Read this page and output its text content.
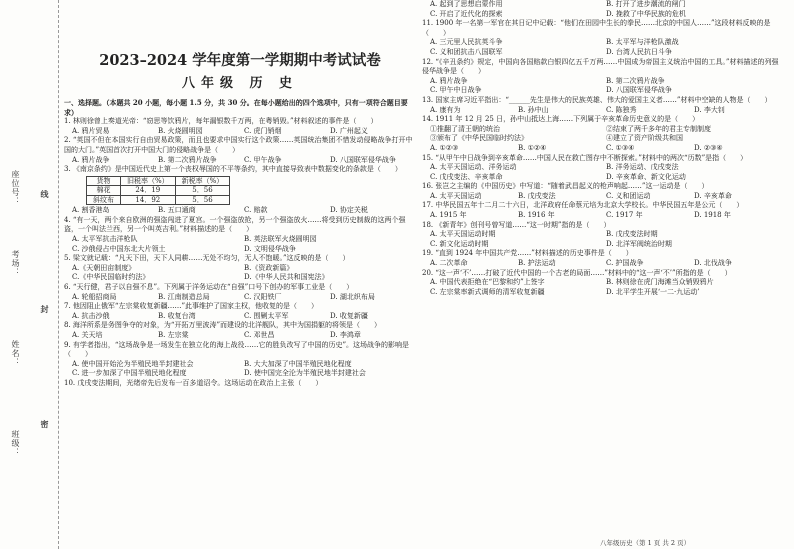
座位号：
考场：
姓名：
班级：
线
封
密
2023–2024 学年度第一学期期中考试试卷
八年级 历 史
一、选择题。（本题共 20 小题，每小题 1.5 分，共 30 分。在每小题给出的四个选项中，只有一项符合题目要求）
1. 林则徐曾上奏道光帝：“窃思等饮鸦片，每年漏银数千万两，在粤销毁。”材料叙述的事件是（　　）
A. 鸦片贸易	B. 火烧圆明园	C. 虎门销烟	D. 广州起义
2. “英国不但在本国实行自由贸易政策，而且也要求中国实行这个政策……英国统治集团不惜发动侵略战争打开中国的大门。”英国首次打开中国大门的侵略战争是（　　）
A. 鸦片战争	B. 第二次鸦片战争	C. 甲午战争	D. 八国联军侵华战争
3. 《南京条约》是中国近代史上第一个丧权辱国的不平等条约，其中直接导致表中数据变化的条款是（　　）
货物	旧税率（%）	新税率（%）
棉花	24．19	5．56
斜纹布	14．92	5．56
A. 割香港岛	B. 五口通商	C. 赔款	D. 协定关税
4. “有一天，两个来自欧洲的强盗闯进了夏宫。一个强盗放抢，另一个强盗放火……将受到历史制裁的这两个强盗，一个叫法兰西，另一个叫英吉利。”材料描述的是（　　）
A. 太平军抗击洋枪队	B. 英法联军火烧圆明园
C. 沙俄侵占中国东北大片领土	D. 文明侵华战争
5. 梁文就记载：“凡天下田，天下人同耕……无处不均匀，无人不饱暖。”这反映的是（　　）
A.《天朝田亩制度》	B.《资政新篇》
C.《中华民国临时约法》	D.《中华人民共和国宪法》
6. “天行健，君子以自强不息”。下列属于洋务运动在“自强”口号下创办的军事工业是（　　）
A. 轮船招商局	B. 江南制造总局	C. 汉阳铁厂	D. 湖北织布局
7. 他因阻止俄军“左宗棠收复新疆……”此事维护了国家主权，他收复的是（　　）
A. 抗击沙俄	B. 收复台湾	C. 围剿太平军	D. 收复新疆
8. 海洋所系是务图争夺的对象，为“开拓万里波涛”而建设的北洋舰队，其中为国捐躯的将领是（　　）
A. 关天培	B. 左宗棠	C. 邓世昌	D. 李鸿章
9. 有学者指出，“这场战争是一场发生在独立化的海上战役……它的胜负改写了中国的历史”。这场战争的影响是（　　）
A. 使中国开始沦为半殖民地半封建社会	B. 大大加深了中国半殖民地化程度
C. 进一步加深了中国半殖民地化程度	D. 使中国完全沦为半殖民地半封建社会
10. 戊戌变法期间，光绪帝先后发布一百多道诏令。这场运动在政治上主张（　　）
A. 起到了思想启蒙作用	B. 打开了进步潮流的闸门
C. 开启了近代化的探索	D. 挽救了中华民族的危机
11. 1900 年一名第一军官在其日记中记载：“他们在田园中生长的拳民……北京的中国人……”这段材料反映的是（　　）
A. 三元里人民抗英斗争	B. 太平军与洋枪队激战
C. 义和团抗击八国联军	D. 台湾人民抗日斗争
12. “《辛丑条约》规定，中国向各国赔款白银四亿五千万两……中国成为帝国主义统治中国的工具。”材料描述的列强侵华战争是（　　）
A. 鸦片战争	B. 第二次鸦片战争
C. 甲午中日战争	D. 八国联军侵华战争
13. 国家主席习近平指出：“______先生是伟大的民族英雄、伟大的爱国主义者……”材料中空缺的人物是（　　）
A. 康有为	B. 孙中山	C. 陈独秀	D. 李大钊
14. 1911 年 12 月 25 日，孙中山抵达上海……下列属于辛亥革命历史意义的是（　　）
①推翻了清王朝的统治	②结束了两千多年的君主专制制度
③颁布了《中华民国临时约法》	④建立了资产阶级共和国
A. ①②③	B. ①②④	C. ①③④	D. ②③④
15. “从甲午中日战争到辛亥革命……中国人民在救亡图存中不断探索。”材料中的两次“历数”是指（　　）
A. 太平天国运动、洋务运动	B. 洋务运动、戊戌变法
C. 戊戌变法、辛亥革命	D. 辛亥革命、新文化运动
16. 张岂之主编的《中国历史》中写道：“随着武昌起义的枪声响起……”这一运动是（　　）
A. 太平天国运动	B. 戊戌变法	C. 义和团运动	D. 辛亥革命
17. 中华民国五年十二月二十六日，北洋政府任命蔡元培为北京大学校长。中华民国五年是公元（　　）
A. 1915 年	B. 1916 年	C. 1917 年	D. 1918 年
18. 《新青年》创刊号曾写道……“这一时期”指的是（　　）
A. 太平天国运动时期	B. 戊戌变法时期
C. 新文化运动时期	D. 北洋军阀统治时期
19. “直到 1924 年中国共产党……”材料描述的历史事件是（　　）
A. 二次革命	B. 护法运动	C. 护国战争	D. 北伐战争
20. “这一声‘不’……打破了近代中国的一个古老的局面……”材料中的“这一声‘不’”所指的是（　　）
A. 中国代表拒绝在“巴黎和约”上签字	B. 林则徐在虎门海滩当众销毁鸦片
C. 左宗棠率新式调师的清军收复新疆	D. 北平学生开展‘一二·九运动’
八年级历史（第 1 页 共 2 页）
